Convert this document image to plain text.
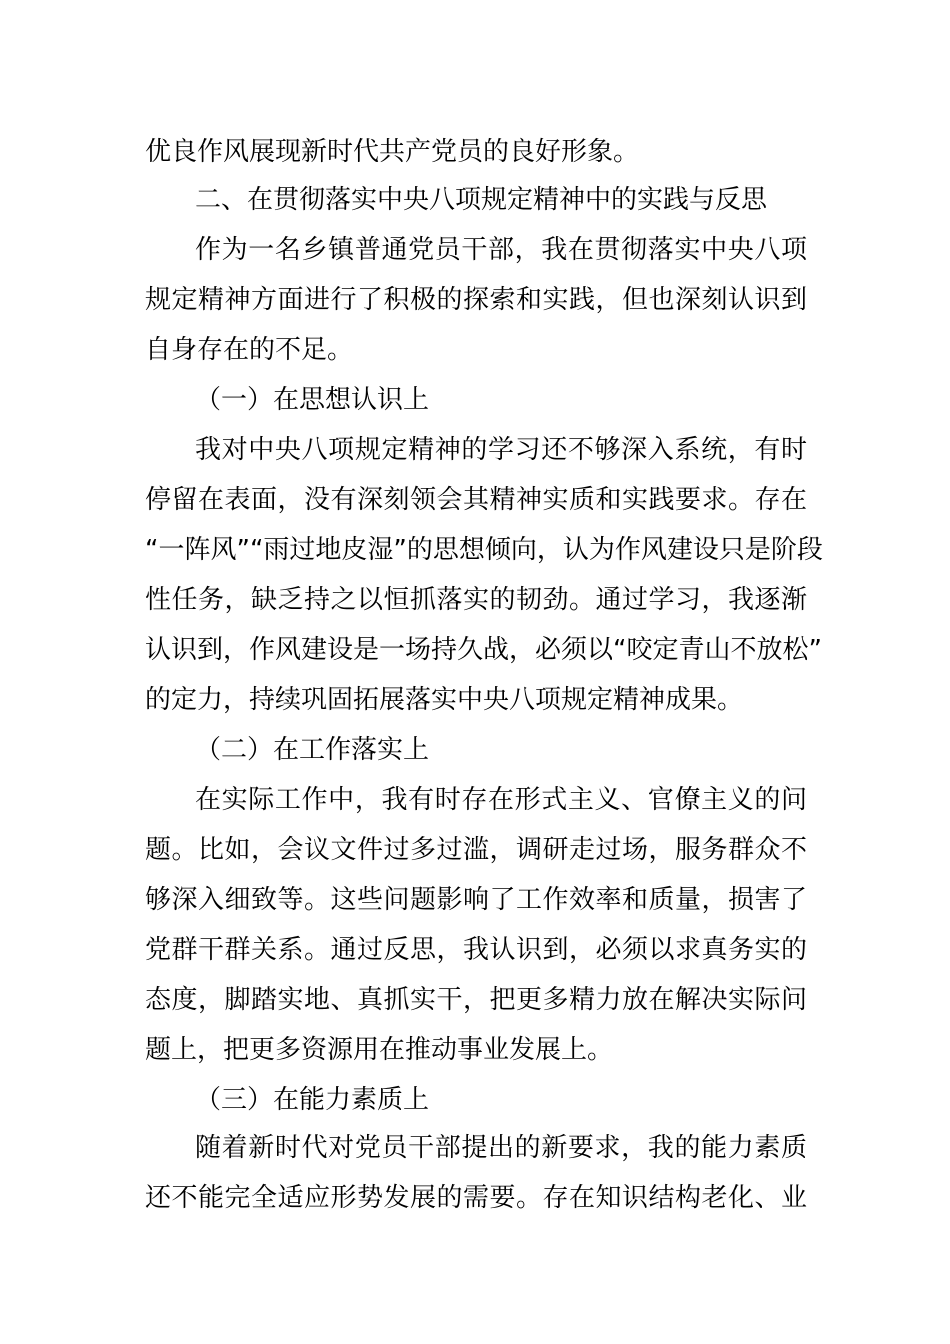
优良作风展现新时代共产党员的良好形象。
二、在贯彻落实中央八项规定精神中的实践与反思
作为一名乡镇普通党员干部，我在贯彻落实中央八项
规定精神方面进行了积极的探索和实践，但也深刻认识到
自身存在的不足。
（一）在思想认识上
我对中央八项规定精神的学习还不够深入系统，有时
停留在表面，没有深刻领会其精神实质和实践要求。存在
“一阵风”“雨过地皮湿”的思想倾向，认为作风建设只是阶段
性任务，缺乏持之以恒抓落实的韧劲。通过学习，我逐渐
认识到，作风建设是一场持久战，必须以“咬定青山不放松”
的定力，持续巩固拓展落实中央八项规定精神成果。
（二）在工作落实上
在实际工作中，我有时存在形式主义、官僚主义的问
题。比如，会议文件过多过滥，调研走过场，服务群众不
够深入细致等。这些问题影响了工作效率和质量，损害了
党群干群关系。通过反思，我认识到，必须以求真务实的
态度，脚踏实地、真抓实干，把更多精力放在解决实际问
题上，把更多资源用在推动事业发展上。
（三）在能力素质上
随着新时代对党员干部提出的新要求，我的能力素质
还不能完全适应形势发展的需要。存在知识结构老化、业
